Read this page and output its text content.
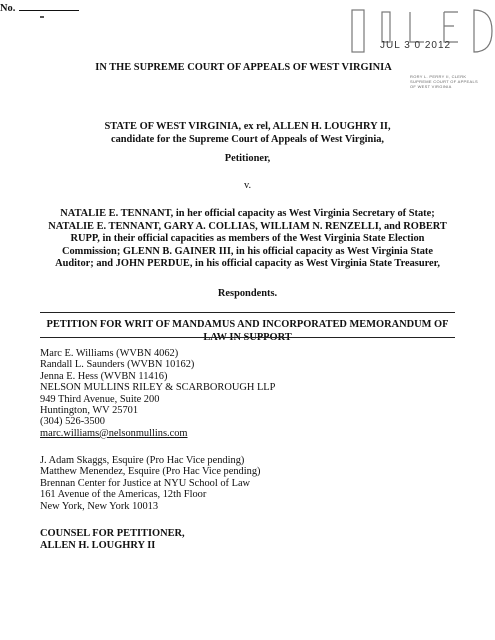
JUL 3 0 2012
RORY L. PERRY II, CLERK
SUPREME COURT OF APPEALS
OF WEST VIRGINIA
IN THE SUPREME COURT OF APPEALS OF WEST VIRGINIA
No.
STATE OF WEST VIRGINIA, ex rel, ALLEN H. LOUGHRY II,
candidate for the Supreme Court of Appeals of West Virginia,
Petitioner,
v.
NATALIE E. TENNANT, in her official capacity as West Virginia Secretary of State;
NATALIE E. TENNANT, GARY A. COLLIAS, WILLIAM N. RENZELLI, and ROBERT
RUPP, in their official capacities as members of the West Virginia State Election
Commission; GLENN B. GAINER III, in his official capacity as West Virginia State
Auditor; and JOHN PERDUE, in his official capacity as West Virginia State Treasurer,
Respondents.
PETITION FOR WRIT OF MANDAMUS AND INCORPORATED MEMORANDUM OF
LAW IN SUPPORT
Marc E. Williams (WVBN 4062)
Randall L. Saunders (WVBN 10162)
Jenna E. Hess (WVBN 11416)
NELSON MULLINS RILEY & SCARBOROUGH LLP
949 Third Avenue, Suite 200
Huntington, WV 25701
(304) 526-3500
marc.williams@nelsonmullins.com
J. Adam Skaggs, Esquire (Pro Hac Vice pending)
Matthew Menendez, Esquire (Pro Hac Vice pending)
Brennan Center for Justice at NYU School of Law
161 Avenue of the Americas, 12th Floor
New York, New York 10013
COUNSEL FOR PETITIONER,
ALLEN H. LOUGHRY II
